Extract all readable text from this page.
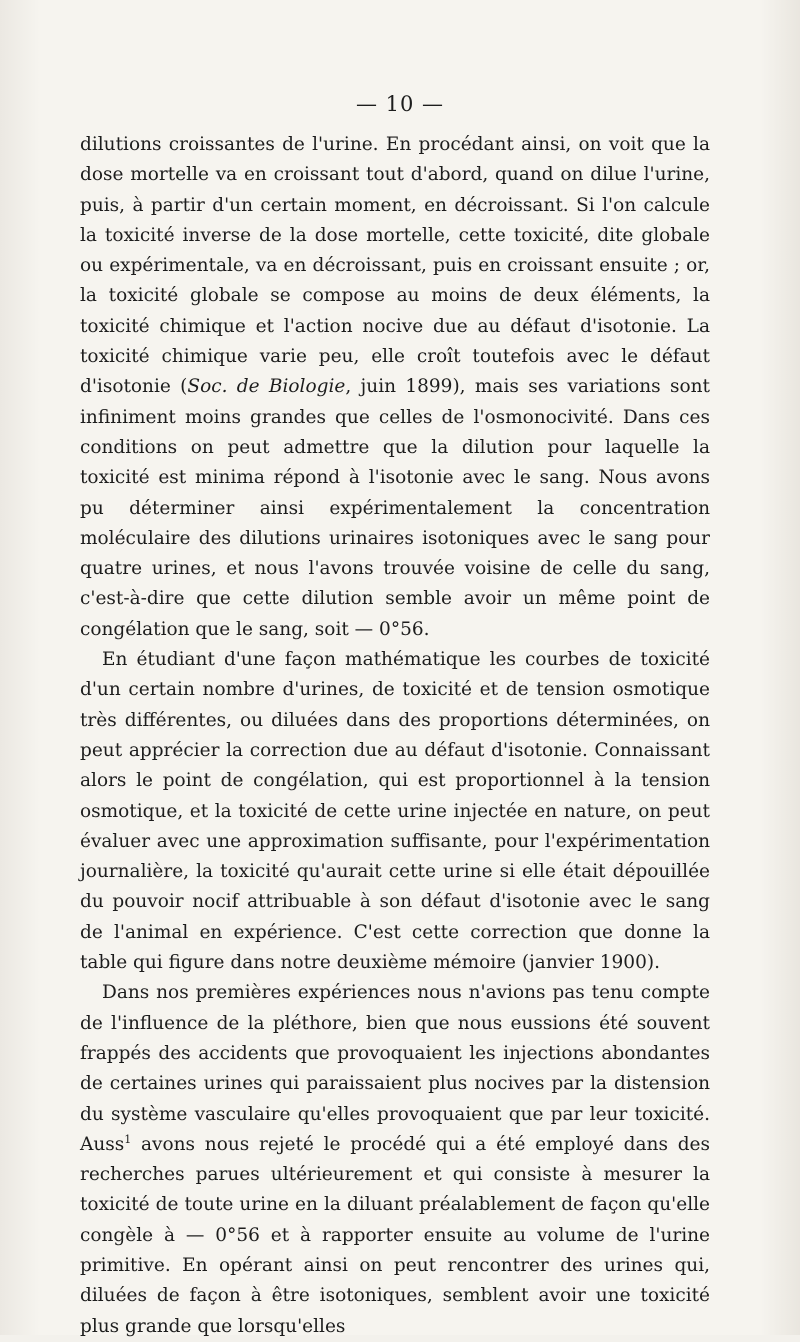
— 10 —

dilutions croissantes de l'urine. En procédant ainsi, on voit que la dose mortelle va en croissant tout d'abord, quand on dilue l'urine, puis, à partir d'un certain moment, en décroissant. Si l'on calcule la toxicité inverse de la dose mortelle, cette toxicité, dite globale ou expérimentale, va en décroissant, puis en croissant ensuite ; or, la toxicité globale se compose au moins de deux éléments, la toxicité chimique et l'action nocive due au défaut d'isotonie. La toxicité chimique varie peu, elle croît toutefois avec le défaut d'isotonie (Soc. de Biologie, juin 1899), mais ses variations sont infiniment moins grandes que celles de l'osmonocivité. Dans ces conditions on peut admettre que la dilution pour laquelle la toxicité est minima répond à l'isotonie avec le sang. Nous avons pu déterminer ainsi expérimentalement la concentration moléculaire des dilutions urinaires isotoniques avec le sang pour quatre urines, et nous l'avons trouvée voisine de celle du sang, c'est-à-dire que cette dilution semble avoir un même point de congélation que le sang, soit — 0°56.

En étudiant d'une façon mathématique les courbes de toxicité d'un certain nombre d'urines, de toxicité et de tension osmotique très différentes, ou diluées dans des proportions déterminées, on peut apprécier la correction due au défaut d'isotonie. Connaissant alors le point de congélation, qui est proportionnel à la tension osmotique, et la toxicité de cette urine injectée en nature, on peut évaluer avec une approximation suffisante, pour l'expérimentation journalière, la toxicité qu'aurait cette urine si elle était dépouillée du pouvoir nocif attribuable à son défaut d'isotonie avec le sang de l'animal en expérience. C'est cette correction que donne la table qui figure dans notre deuxième mémoire (janvier 1900).

Dans nos premières expériences nous n'avions pas tenu compte de l'influence de la pléthore, bien que nous eussions été souvent frappés des accidents que provoquaient les injections abondantes de certaines urines qui paraissaient plus nocives par la distension du système vasculaire qu'elles provoquaient que par leur toxicité. Auss$^1$ avons nous rejeté le procédé qui a été employé dans des recherches parues ultérieurement et qui consiste à mesurer la toxicité de toute urine en la diluant préalablement de façon qu'elle congèle à — 0°56 et à rapporter ensuite au volume de l'urine primitive. En opérant ainsi on peut rencontrer des urines qui, diluées de façon à être isotoniques, semblent avoir une toxicité plus grande que lorsqu'elles
